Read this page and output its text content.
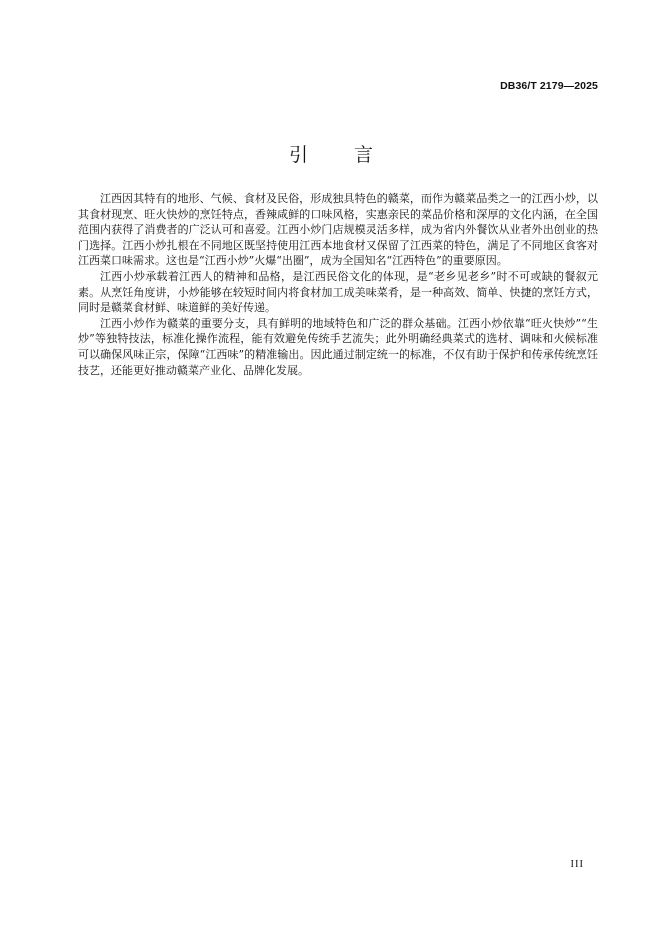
DB36/T 2179—2025
引言

江西因其特有的地形、气候、食材及民俗，形成独具特色的赣菜，而作为赣菜品类之一的江西小炒，以其食材现烹、旺火快炒的烹饪特点，香辣咸鲜的口味风格，实惠亲民的菜品价格和深厚的文化内涵，在全国范围内获得了消费者的广泛认可和喜爱。江西小炒门店规模灵活多样，成为省内外餐饮从业者外出创业的热门选择。江西小炒扎根在不同地区既坚持使用江西本地食材又保留了江西菜的特色，满足了不同地区食客对江西菜口味需求。这也是“江西小炒”火爆“出圈”，成为全国知名“江西特色”的重要原因。

江西小炒承载着江西人的精神和品格，是江西民俗文化的体现，是“老乡见老乡”时不可或缺的餐叙元素。从烹饪角度讲，小炒能够在较短时间内将食材加工成美味菜肴，是一种高效、简单、快捷的烹饪方式，同时是赣菜食材鲜、味道鲜的美好传递。

江西小炒作为赣菜的重要分支，具有鲜明的地域特色和广泛的群众基础。江西小炒依靠“旺火快炒”“生炒”等独特技法，标准化操作流程，能有效避免传统手艺流失；此外明确经典菜式的选材、调味和火候标准可以确保风味正宗，保障“江西味”的精准输出。因此通过制定统一的标准，不仅有助于保护和传承传统烹饪技艺，还能更好推动赣菜产业化、品牌化发展。

III
